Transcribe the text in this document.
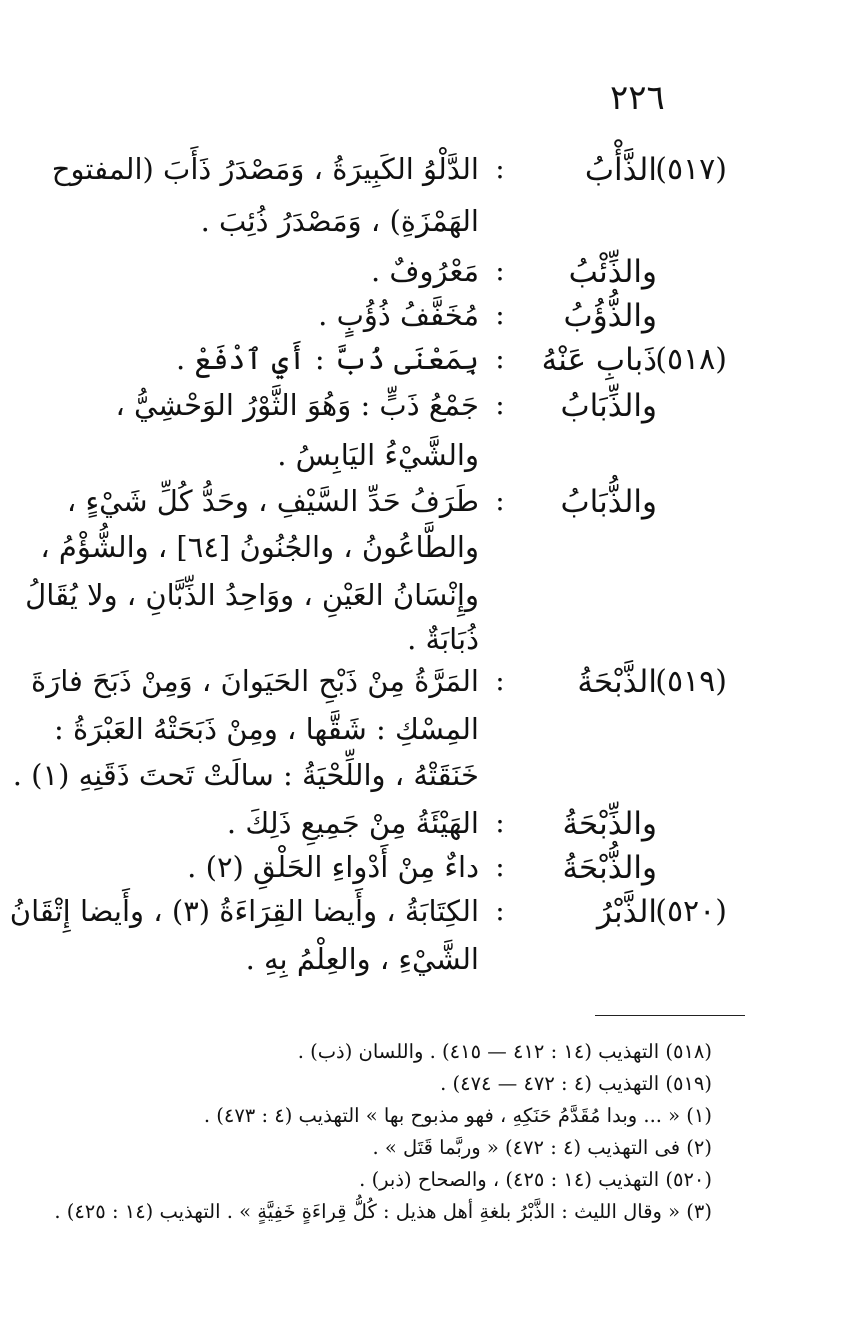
٢٢٦
(٥١٧)
الذَّأْبُ
:
الدَّلْوُ الكَبِيرَةُ ، وَمَصْدَرُ ذَأَبَ (المفتوح
الهَمْزَةِ) ، وَمَصْدَرُ ذُئِبَ .
والذِّئْبُ
:
مَعْرُوفٌ .
والذُّؤُبُ
:
مُخَفَّفُ ذُؤُبٍ .
(٥١٨)
ذَبابِ عَنْهُ
:
بِمَعْنَى ذُبَّ : أَيِ ٱدْفَعْ .
والذِّبَابُ
:
جَمْعُ ذَبٍّ : وَهُوَ الثَّوْرُ الوَحْشِيُّ ،
والشَّيْءُ اليَابِسُ .
والذُّبَابُ
:
طَرَفُ حَدِّ السَّيْفِ ، وحَدُّ كُلِّ شَيْءٍ ،
والطَّاعُونُ ، والجُنُونُ [٦٤] ، والشُّؤْمُ ،
وإِنْسَانُ العَيْنِ ، ووَاحِدُ الذِّبَّانِ ، ولا يُقَالُ
ذُبَابَةٌ .
(٥١٩)
الذَّبْحَةُ
:
المَرَّةُ مِنْ ذَبْحِ الحَيَوانَ ، وَمِنْ ذَبَحَ فارَةَ
المِسْكِ : شَقَّها ، ومِنْ ذَبَحَتْهُ العَبْرَةُ :
خَنَقَتْهُ ، واللِّحْيَةُ : سالَتْ تَحتَ ذَقَنِهِ (١) .
والذِّبْحَةُ
:
الهَيْئَةُ مِنْ جَمِيعِ ذَلِكَ .
والذُّبْحَةُ
:
داءٌ مِنْ أَدْواءِ الحَلْقِ (٢) .
(٥٢٠)
الذَّبْرُ
:
الكِتَابَةُ ، وأَيضا القِرَاءَةُ (٣) ، وأَيضا إِتْقَانُ
الشَّيْءِ ، والعِلْمُ بِهِ .
(٥١٨) التهذيب (١٤ : ٤١٢ — ٤١٥) . واللسان (ذب) .
(٥١٩) التهذيب (٤ : ٤٧٢ — ٤٧٤) .
(١) « ... وبدا مُقَدَّمُ حَنَكِهِ ، فهو مذبوح بها » التهذيب (٤ : ٤٧٣) .
(٢) فى التهذيب (٤ : ٤٧٢) « وربَّما قَتَل » .
(٥٢٠) التهذيب (١٤ : ٤٢٥) ، والصحاح (ذبر) .
(٣) « وقال الليث : الذَّبْرُ بلغةِ أهل هذيل : كُلُّ قِراءَةٍ خَفِيَّةٍ » . التهذيب (١٤ : ٤٢٥) .
